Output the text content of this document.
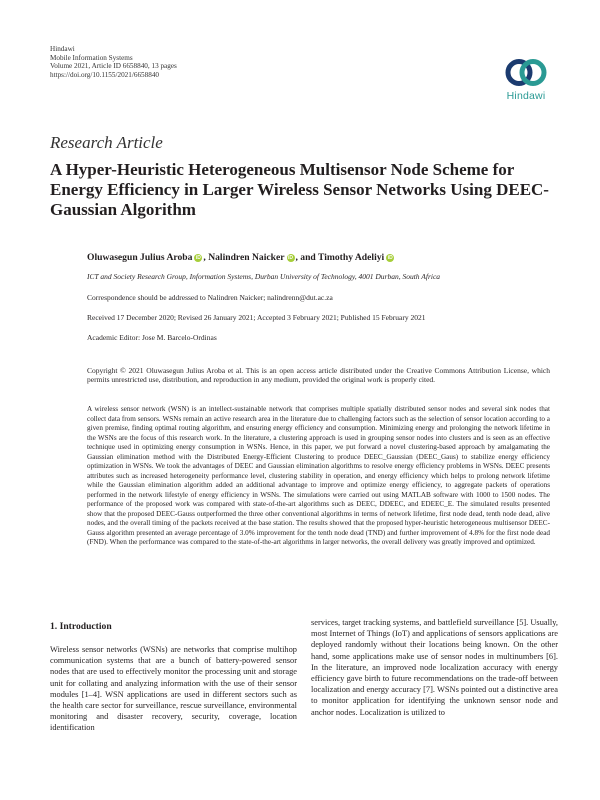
Hindawi
Mobile Information Systems
Volume 2021, Article ID 6658840, 13 pages
https://doi.org/10.1155/2021/6658840
Hindawi
Research Article
A Hyper-Heuristic Heterogeneous Multisensor Node Scheme for Energy Efficiency in Larger Wireless Sensor Networks Using DEEC-Gaussian Algorithm
Oluwasegun Julius Aroba iD , Nalindren Naicker iD , and Timothy Adeliyi iD
ICT and Society Research Group, Information Systems, Durban University of Technology, 4001 Durban, South Africa
Correspondence should be addressed to Nalindren Naicker; nalindrenn@dut.ac.za
Received 17 December 2020; Revised 26 January 2021; Accepted 3 February 2021; Published 15 February 2021
Academic Editor: Jose M. Barcelo-Ordinas

Copyright © 2021 Oluwasegun Julius Aroba et al. This is an open access article distributed under the Creative Commons Attribution License, which permits unrestricted use, distribution, and reproduction in any medium, provided the original work is properly cited.

A wireless sensor network (WSN) is an intellect-sustainable network that comprises multiple spatially distributed sensor nodes and several sink nodes that collect data from sensors. WSNs remain an active research area in the literature due to challenging factors such as the selection of sensor location according to a given premise, finding optimal routing algorithm, and ensuring energy efficiency and consumption. Minimizing energy and prolonging the network lifetime in the WSNs are the focus of this research work. In the literature, a clustering approach is used in grouping sensor nodes into clusters and is seen as an effective technique used in optimizing energy consumption in WSNs. Hence, in this paper, we put forward a novel clustering-based approach by amalgamating the Gaussian elimination method with the Distributed Energy-Efficient Clustering to produce DEEC_Gaussian (DEEC_Gaus) to stabilize energy efficiency optimization in WSNs. We took the advantages of DEEC and Gaussian elimination algorithms to resolve energy efficiency problems in WSNs. DEEC presents attributes such as increased heterogeneity performance level, clustering stability in operation, and energy efficiency which helps to prolong network lifetime while the Gaussian elimination algorithm added an additional advantage to improve and optimize energy efficiency, to aggregate packets of operations performed in the network lifestyle of energy efficiency in WSNs. The simulations were carried out using MATLAB software with 1000 to 1500 nodes. The performance of the proposed work was compared with state-of-the-art algorithms such as DEEC, DDEEC, and EDEEC_E. The simulated results presented show that the proposed DEEC-Gauss outperformed the three other conventional algorithms in terms of network lifetime, first node dead, tenth node dead, alive nodes, and the overall timing of the packets received at the base station. The results showed that the proposed hyper-heuristic heterogeneous multisensor DEEC-Gauss algorithm presented an average percentage of 3.0% improvement for the tenth node dead (TND) and further improvement of 4.8% for the first node dead (FND). When the performance was compared to the state-of-the-art algorithms in larger networks, the overall delivery was greatly improved and optimized.

1. Introduction

Wireless sensor networks (WSNs) are networks that comprise multihop communication systems that are a bunch of battery-powered sensor nodes that are used to effectively monitor the processing unit and storage unit for collating and analyzing information with the use of their sensor modules [1–4]. WSN applications are used in different sectors such as the health care sector for surveillance, rescue surveillance, environmental monitoring and disaster recovery, security, coverage, location identification

services, target tracking systems, and battlefield surveillance [5]. Usually, most Internet of Things (IoT) and applications of sensors applications are deployed randomly without their locations being known. On the other hand, some applications make use of sensor nodes in multinumbers [6]. In the literature, an improved node localization accuracy with energy efficiency gave birth to future recommendations on the trade-off between localization and energy accuracy [7]. WSNs pointed out a distinctive area to monitor application for identifying the unknown sensor node and anchor nodes. Localization is utilized to
